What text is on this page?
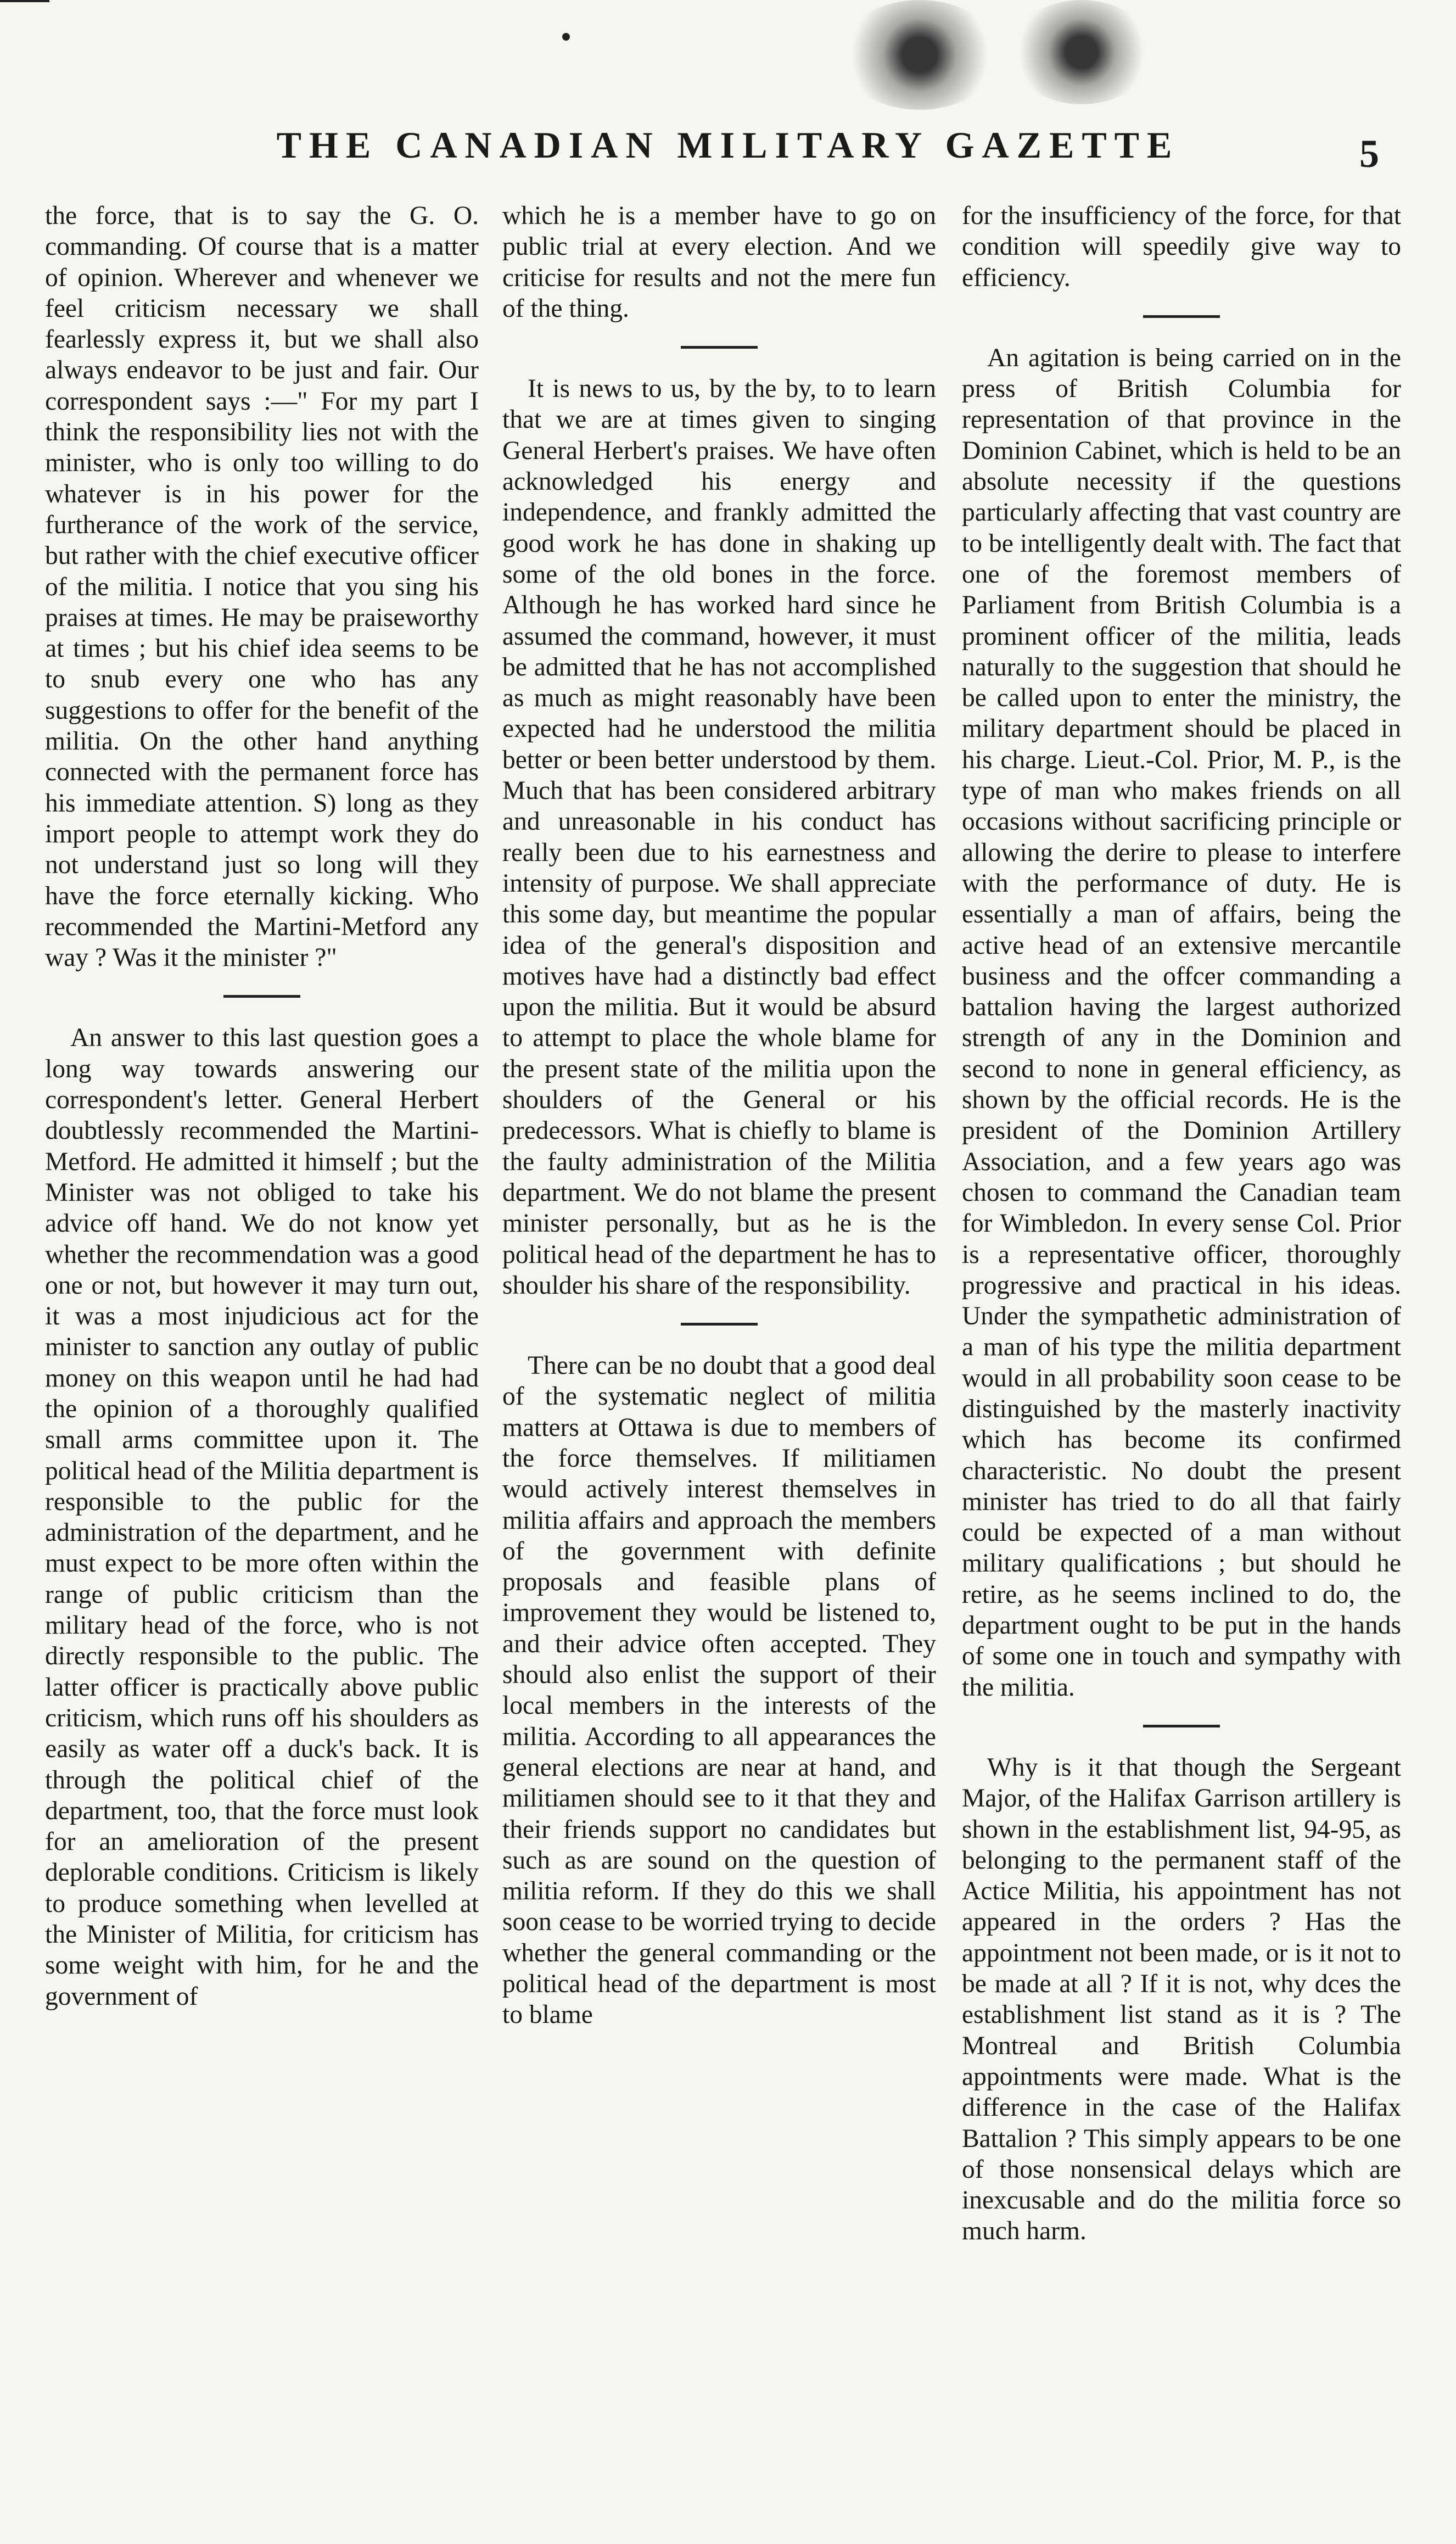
THE CANADIAN MILITARY GAZETTE	5

the force, that is to say the G. O. commanding. Of course that is a matter of opinion. Wherever and whenever we feel criticism necessary we shall fearlessly express it, but we shall also always endeavor to be just and fair. Our correspondent says :—" For my part I think the responsibility lies not with the minister, who is only too willing to do whatever is in his power for the furtherance of the work of the service, but rather with the chief executive officer of the militia. I notice that you sing his praises at times. He may be praiseworthy at times ; but his chief idea seems to be to snub every one who has any suggestions to offer for the benefit of the militia. On the other hand anything connected with the permanent force has his immediate attention. S) long as they import people to attempt work they do not understand just so long will they have the force eternally kicking. Who recommended the Martini-Metford any way ? Was it the minister ?"

An answer to this last question goes a long way towards answering our correspondent's letter. General Herbert doubtlessly recommended the Martini-Metford. He admitted it himself ; but the Minister was not obliged to take his advice off hand. We do not know yet whether the recommendation was a good one or not, but however it may turn out, it was a most injudicious act for the minister to sanction any outlay of public money on this weapon until he had had the opinion of a thoroughly qualified small arms committee upon it. The political head of the Militia department is responsible to the public for the administration of the department, and he must expect to be more often within the range of public criticism than the military head of the force, who is not directly responsible to the public. The latter officer is practically above public criticism, which runs off his shoulders as easily as water off a duck's back. It is through the political chief of the department, too, that the force must look for an amelioration of the present deplorable conditions. Criticism is likely to produce something when levelled at the Minister of Militia, for criticism has some weight with him, for he and the government of

which he is a member have to go on public trial at every election. And we criticise for results and not the mere fun of the thing.

It is news to us, by the by, to to learn that we are at times given to singing General Herbert's praises. We have often acknowledged his energy and independence, and frankly admitted the good work he has done in shaking up some of the old bones in the force. Although he has worked hard since he assumed the command, however, it must be admitted that he has not accomplished as much as might reasonably have been expected had he understood the militia better or been better understood by them. Much that has been considered arbitrary and unreasonable in his conduct has really been due to his earnestness and intensity of purpose. We shall appreciate this some day, but meantime the popular idea of the general's disposition and motives have had a distinctly bad effect upon the militia. But it would be absurd to attempt to place the whole blame for the present state of the militia upon the shoulders of the General or his predecessors. What is chiefly to blame is the faulty administration of the Militia department. We do not blame the present minister personally, but as he is the political head of the department he has to shoulder his share of the responsibility.

There can be no doubt that a good deal of the systematic neglect of militia matters at Ottawa is due to members of the force themselves. If militiamen would actively interest themselves in militia affairs and approach the members of the government with definite proposals and feasible plans of improvement they would be listened to, and their advice often accepted. They should also enlist the support of their local members in the interests of the militia. According to all appearances the general elections are near at hand, and militiamen should see to it that they and their friends support no candidates but such as are sound on the question of militia reform. If they do this we shall soon cease to be worried trying to decide whether the general commanding or the political head of the department is most to blame

for the insufficiency of the force, for that condition will speedily give way to efficiency.

An agitation is being carried on in the press of British Columbia for representation of that province in the Dominion Cabinet, which is held to be an absolute necessity if the questions particularly affecting that vast country are to be intelligently dealt with. The fact that one of the foremost members of Parliament from British Columbia is a prominent officer of the militia, leads naturally to the suggestion that should he be called upon to enter the ministry, the military department should be placed in his charge. Lieut.-Col. Prior, M. P., is the type of man who makes friends on all occasions without sacrificing principle or allowing the derire to please to interfere with the performance of duty. He is essentially a man of affairs, being the active head of an extensive mercantile business and the offcer commanding a battalion having the largest authorized strength of any in the Dominion and second to none in general efficiency, as shown by the official records. He is the president of the Dominion Artillery Association, and a few years ago was chosen to command the Canadian team for Wimbledon. In every sense Col. Prior is a representative officer, thoroughly progressive and practical in his ideas. Under the sympathetic administration of a man of his type the militia department would in all probability soon cease to be distinguished by the masterly inactivity which has become its confirmed characteristic. No doubt the present minister has tried to do all that fairly could be expected of a man without military qualifications ; but should he retire, as he seems inclined to do, the department ought to be put in the hands of some one in touch and sympathy with the militia.

Why is it that though the Sergeant Major, of the Halifax Garrison artillery is shown in the establishment list, 94-95, as belonging to the permanent staff of the Actice Militia, his appointment has not appeared in the orders ? Has the appointment not been made, or is it not to be made at all ? If it is not, why dces the establishment list stand as it is ? The Montreal and British Columbia appointments were made. What is the difference in the case of the Halifax Battalion ? This simply appears to be one of those nonsensical delays which are inexcusable and do the militia force so much harm.
